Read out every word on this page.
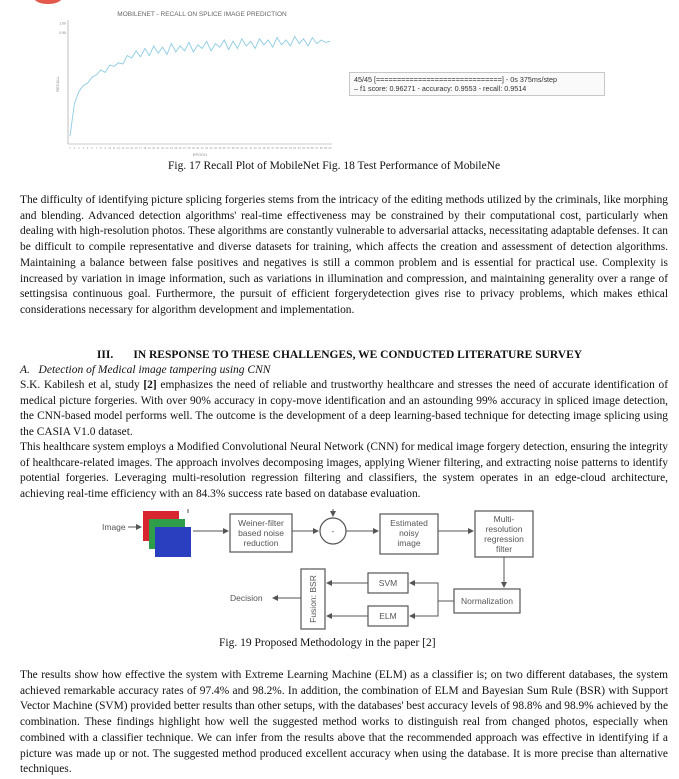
MOBILENET - RECALL ON SPLICE IMAGE PREDICTION
RECALL
EPOCH
1.00
0.95
1 2 3 4 5 6 7 8 9 10 11 12 13 14 15 16 17 18 19 20 21 22 23 24 25 26 27 28 29 30 31 32 33 34 35 36 37 38 39 40 41 42 43 44 45 46 47 48 49 50 51 52 53 54 55 56 57 58 59 60
45/45 [==============================] - 0s 375ms/step
– f1 score: 0.96271 - accuracy: 0.9553 - recall: 0.9514
Fig. 17 Recall Plot of MobileNet Fig. 18 Test Performance of MobileNe

The difficulty of identifying picture splicing forgeries stems from the intricacy of the editing methods utilized by the criminals, like morphing and blending. Advanced detection algorithms' real-time effectiveness may be constrained by their computational cost, particularly when dealing with high-resolution photos. These algorithms are constantly vulnerable to adversarial attacks, necessitating adaptable defenses. It can be difficult to compile representative and diverse datasets for training, which affects the creation and assessment of detection algorithms. Maintaining a balance between false positives and negatives is still a common problem and is essential for practical use. Complexity is increased by variation in image information, such as variations in illumination and compression, and maintaining generality over a range of settingsisa continuous goal. Furthermore, the pursuit of efficient forgerydetection gives rise to privacy problems, which makes ethical considerations necessary for algorithm development and implementation.

III. IN RESPONSE TO THESE CHALLENGES, WE CONDUCTED LITERATURE SURVEY
A. Detection of Medical image tampering using CNN

S.K. Kabilesh et al, study [2] emphasizes the need of reliable and trustworthy healthcare and stresses the need of accurate identification of medical picture forgeries. With over 90% accuracy in copy-move identification and an astounding 99% accuracy in spliced image detection, the CNN-based model performs well. The outcome is the development of a deep learning-based technique for detecting image splicing using the CASIA V1.0 dataset.

This healthcare system employs a Modified Convolutional Neural Network (CNN) for medical image forgery detection, ensuring the integrity of healthcare-related images. The approach involves decomposing images, applying Wiener filtering, and extracting noise patterns to identify potential forgeries. Leveraging multi-resolution regression filtering and classifiers, the system operates in an edge-cloud architecture, achieving real-time efficiency with an 84.3% success rate based on database evaluation.

Image	Weiner-filter
based noise
reduction
-
Estimated
noisy
image
Multi-
resolution
regression
filter
Normalization
SVM
ELM
Fusion: BSR
Decision
Fig. 19 Proposed Methodology in the paper [2]

The results show how effective the system with Extreme Learning Machine (ELM) as a classifier is; on two different databases, the system achieved remarkable accuracy rates of 97.4% and 98.2%. In addition, the combination of ELM and Bayesian Sum Rule (BSR) with Support Vector Machine (SVM) provided better results than other setups, with the databases' best accuracy levels of 98.8% and 98.9% achieved by the combination. These findings highlight how well the suggested method works to distinguish real from changed photos, especially when combined with a classifier technique. We can infer from the results above that the recommended approach was effective in identifying if a picture was made up or not. The suggested method produced excellent accuracy when using the database. It is more precise than alternative techniques.
